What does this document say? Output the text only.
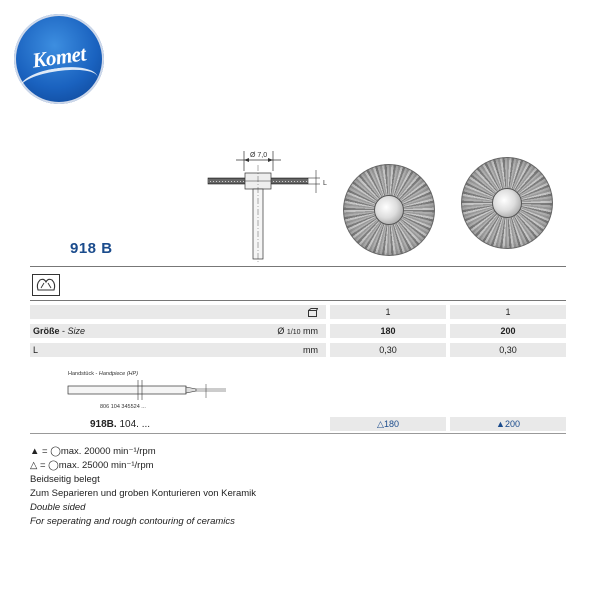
Komet
Ø 7,0
L
918 B
1	1
Größe - Size	Ø 1/10 mm	180	200
L	mm	0,30	0,30
Handstück - Handpiece (HP)
806 104 345524 ...
918B. 104. ...	△180	▲200
▲ = ◯max. 20000 min⁻¹/rpm
△ = ◯max. 25000 min⁻¹/rpm
Beidseitig belegt
Zum Separieren und groben Konturieren von Keramik
Double sided
For seperating and rough contouring of ceramics
